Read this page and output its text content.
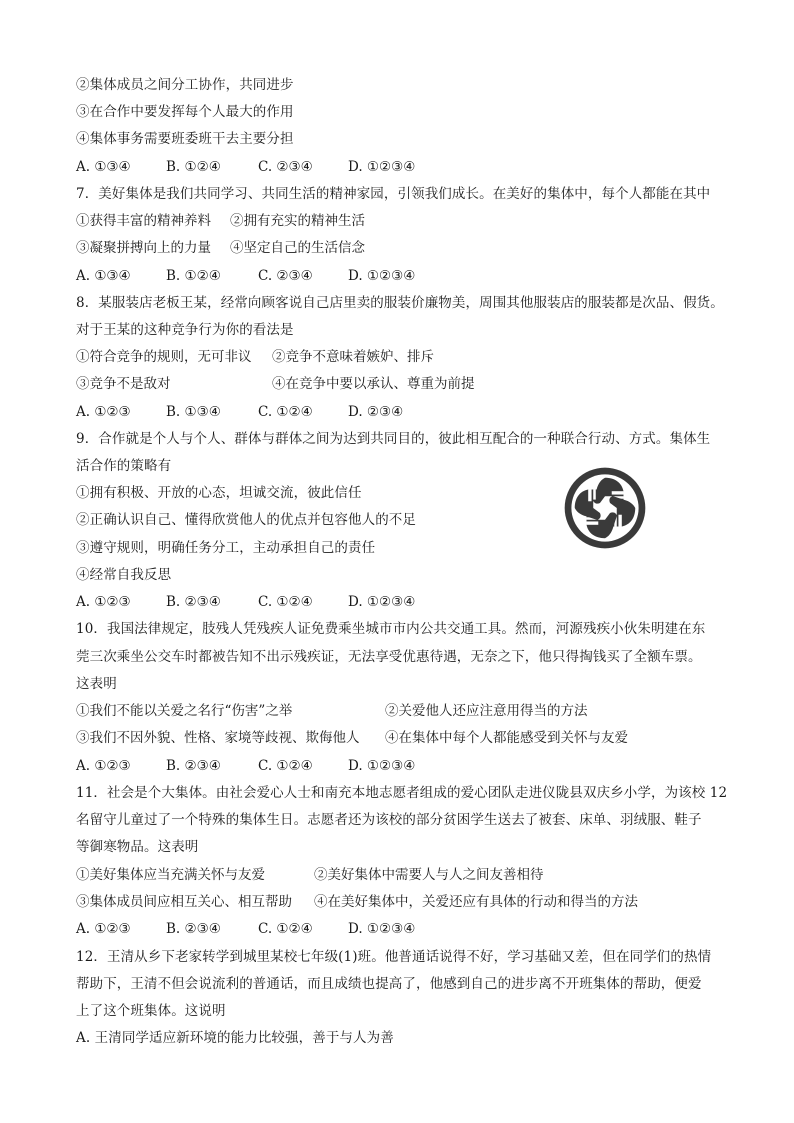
②集体成员之间分工协作，共同进步
③在合作中要发挥每个人最大的作用
④集体事务需要班委班干去主要分担
A. ①③④	B. ①②④	C. ②③④	D. ①②③④
7．美好集体是我们共同学习、共同生活的精神家园，引领我们成长。在美好的集体中，每个人都能在其中
①获得丰富的精神养料 ②拥有充实的精神生活
③凝聚拼搏向上的力量 ④坚定自己的生活信念
A. ①③④	B. ①②④	C. ②③④	D. ①②③④
8．某服装店老板王某，经常向顾客说自己店里卖的服装价廉物美，周围其他服装店的服装都是次品、假货。
对于王某的这种竞争行为你的看法是
①符合竞争的规则，无可非议 ②竞争不意味着嫉妒、排斥
③竞争不是敌对	④在竞争中要以承认、尊重为前提
A. ①②③	B. ①③④	C. ①②④	D. ②③④
9．合作就是个人与个人、群体与群体之间为达到共同目的，彼此相互配合的一种联合行动、方式。集体生
活合作的策略有
①拥有积极、开放的心态，坦诚交流，彼此信任
②正确认识自己、懂得欣赏他人的优点并包容他人的不足
③遵守规则，明确任务分工，主动承担自己的责任
④经常自我反思
A. ①②③	B. ②③④	C. ①②④	D. ①②③④
10．我国法律规定，肢残人凭残疾人证免费乘坐城市市内公共交通工具。然而，河源残疾小伙朱明建在东
莞三次乘坐公交车时都被告知不出示残疾证，无法享受优惠待遇，无奈之下，他只得掏钱买了全额车票。
这表明
①我们不能以关爱之名行“伤害”之举	②关爱他人还应注意用得当的方法
③我们不因外貌、性格、家境等歧视、欺侮他人 ④在集体中每个人都能感受到关怀与友爱
A. ①②③	B. ②③④	C. ①②④	D. ①②③④
11．社会是个大集体。由社会爱心人士和南充本地志愿者组成的爱心团队走进仪陇县双庆乡小学，为该校 12
名留守儿童过了一个特殊的集体生日。志愿者还为该校的部分贫困学生送去了被套、床单、羽绒服、鞋子
等御寒物品。这表明
①美好集体应当充满关怀与友爱	②美好集体中需要人与人之间友善相待
③集体成员间应相互关心、相互帮助 ④在美好集体中，关爱还应有具体的行动和得当的方法
A. ①②③	B. ②③④	C. ①②④	D. ①②③④
12．王清从乡下老家转学到城里某校七年级(1)班。他普通话说得不好，学习基础又差，但在同学们的热情
帮助下，王清不但会说流利的普通话，而且成绩也提高了，他感到自己的进步离不开班集体的帮助，便爱
上了这个班集体。这说明
A. 王清同学适应新环境的能力比较强，善于与人为善
